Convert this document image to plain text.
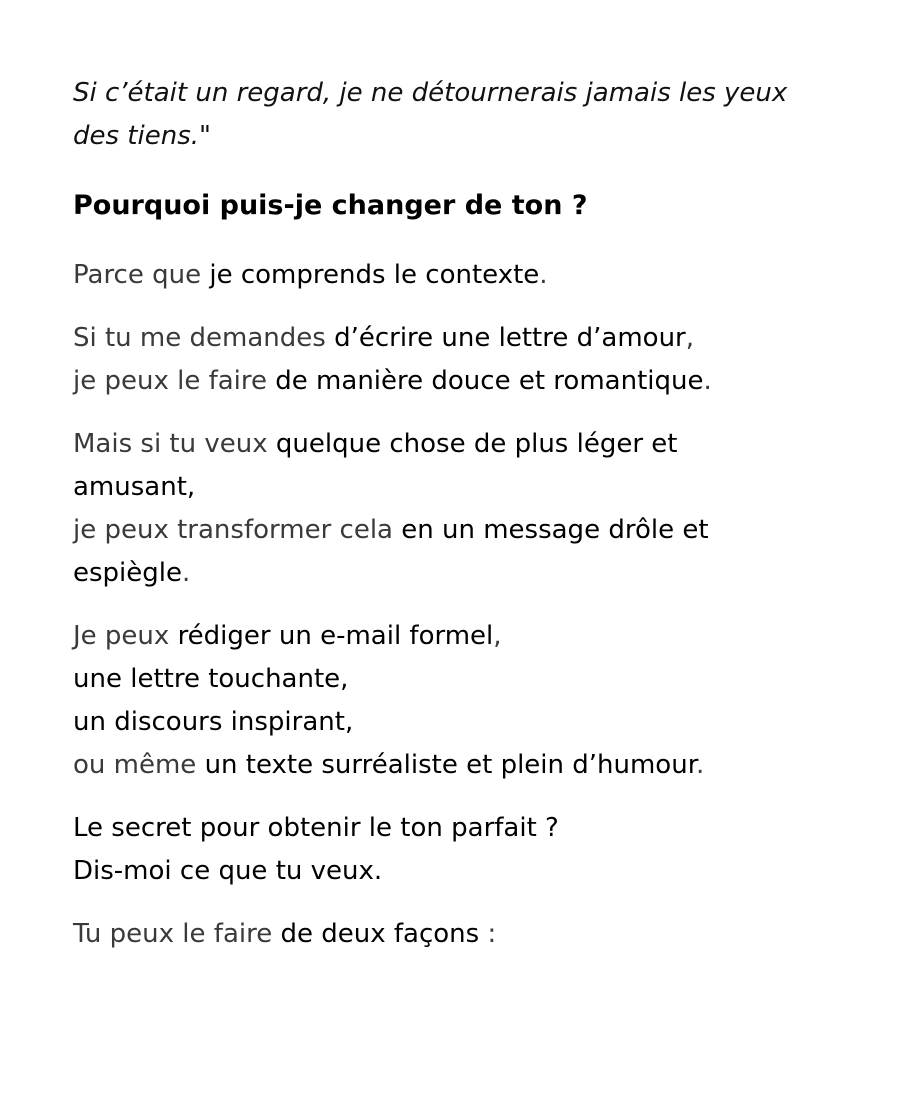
Si c’était un regard, je ne détournerais jamais les yeux
des tiens."

Pourquoi puis-je changer de ton ?

Parce que je comprends le contexte.

Si tu me demandes d’écrire une lettre d’amour,
je peux le faire de manière douce et romantique.

Mais si tu veux quelque chose de plus léger et
amusant,
je peux transformer cela en un message drôle et
espiègle.

Je peux rédiger un e-mail formel,
une lettre touchante,
un discours inspirant,
ou même un texte surréaliste et plein d’humour.

Le secret pour obtenir le ton parfait ?
Dis-moi ce que tu veux.

Tu peux le faire de deux façons :
